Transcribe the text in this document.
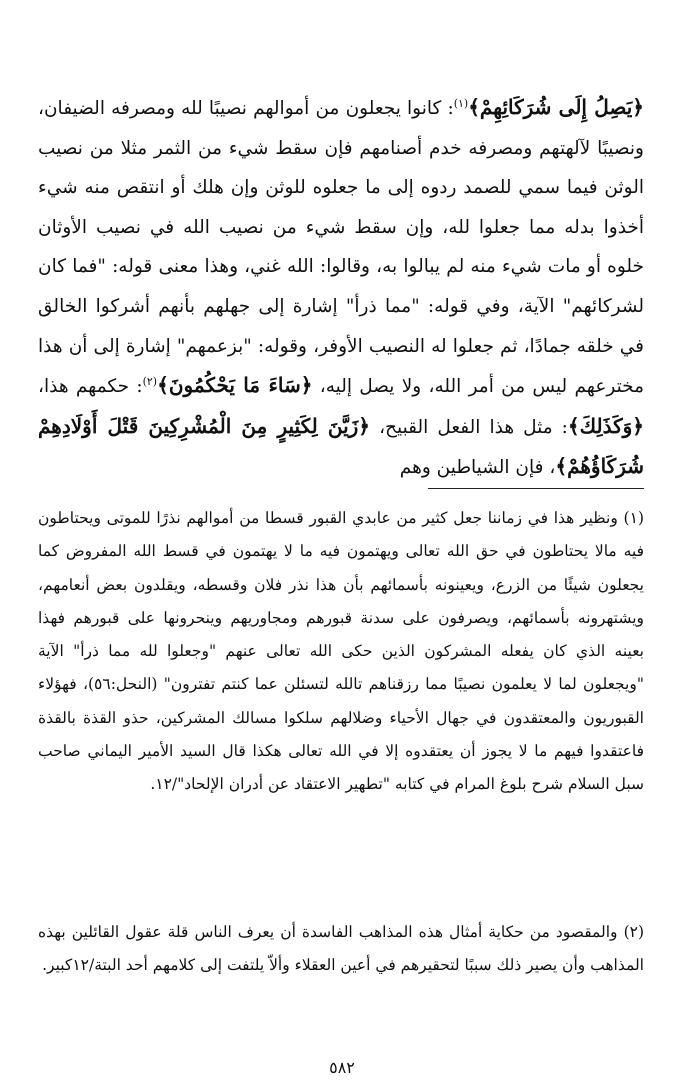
﴿يَصِلُ إِلَى شُرَكَائِهِمْ﴾$^{(١)}$: كانوا يجعلون من أموالهم نصيبًا لله ومصرفه الضيفان، ونصيبًا لآلهتهم ومصرفه خدم أصنامهم فإن سقط شيء من الثمر مثلا من نصيب الوثن فيما سمي للصمد ردوه إلى ما جعلوه للوثن وإن هلك أو انتقص منه شيء أخذوا بدله مما جعلوا لله، وإن سقط شيء من نصيب الله في نصيب الأوثان خلوه أو مات شيء منه لم يبالوا به، وقالوا: الله غني، وهذا معنى قوله: "فما كان لشركائهم" الآية، وفي قوله: "مما ذرأ" إشارة إلى جهلهم بأنهم أشركوا الخالق في خلقه جمادًا، ثم جعلوا له النصيب الأوفر، وقوله: "بزعمهم" إشارة إلى أن هذا مخترعهم ليس من أمر الله، ولا يصل إليه، ﴿سَاءَ مَا يَحْكُمُونَ﴾$^{(٢)}$: حكمهم هذا، ﴿وَكَذَلِكَ﴾: مثل هذا الفعل القبيح، ﴿زَيَّنَ لِكَثِيرٍ مِنَ الْمُشْرِكِينَ قَتْلَ أَوْلَادِهِمْ شُرَكَاؤُهُمْ﴾، فإن الشياطين وهم

(١) ونظير هذا في زماننا جعل كثير من عابدي القبور قسطا من أموالهم نذرًا للموتى ويحتاطون فيه مالا يحتاطون في حق الله تعالى ويهتمون فيه ما لا يهتمون في قسط الله المفروض كما يجعلون شيئًا من الزرع، ويعينونه بأسمائهم بأن هذا نذر فلان وقسطه، ويقلدون بعض أنعامهم، ويشتهرونه بأسمائهم، ويصرفون على سدنة قبورهم ومجاوريهم وينحرونها على قبورهم فهذا بعينه الذي كان يفعله المشركون الذين حكى الله تعالى عنهم "وجعلوا لله مما ذرأ" الآية "ويجعلون لما لا يعلمون نصيبًا مما رزقناهم تالله لتسئلن عما كنتم تفترون" (النحل:٥٦)، فهؤلاء القبوريون والمعتقدون في جهال الأحياء وضلالهم سلكوا مسالك المشركين، حذو القذة بالقذة فاعتقدوا فيهم ما لا يجوز أن يعتقدوه إلا في الله تعالى هكذا قال السيد الأمير اليماني صاحب سبل السلام شرح بلوغ المرام في كتابه "تطهير الاعتقاد عن أدران الإلحاد"/١٢.

(٢) والمقصود من حكاية أمثال هذه المذاهب الفاسدة أن يعرف الناس قلة عقول القائلين بهذه المذاهب وأن يصير ذلك سببًا لتحقيرهم في أعين العقلاء وألاّ يلتفت إلى كلامهم أحد البتة/١٢كبير.

٥٨٢
